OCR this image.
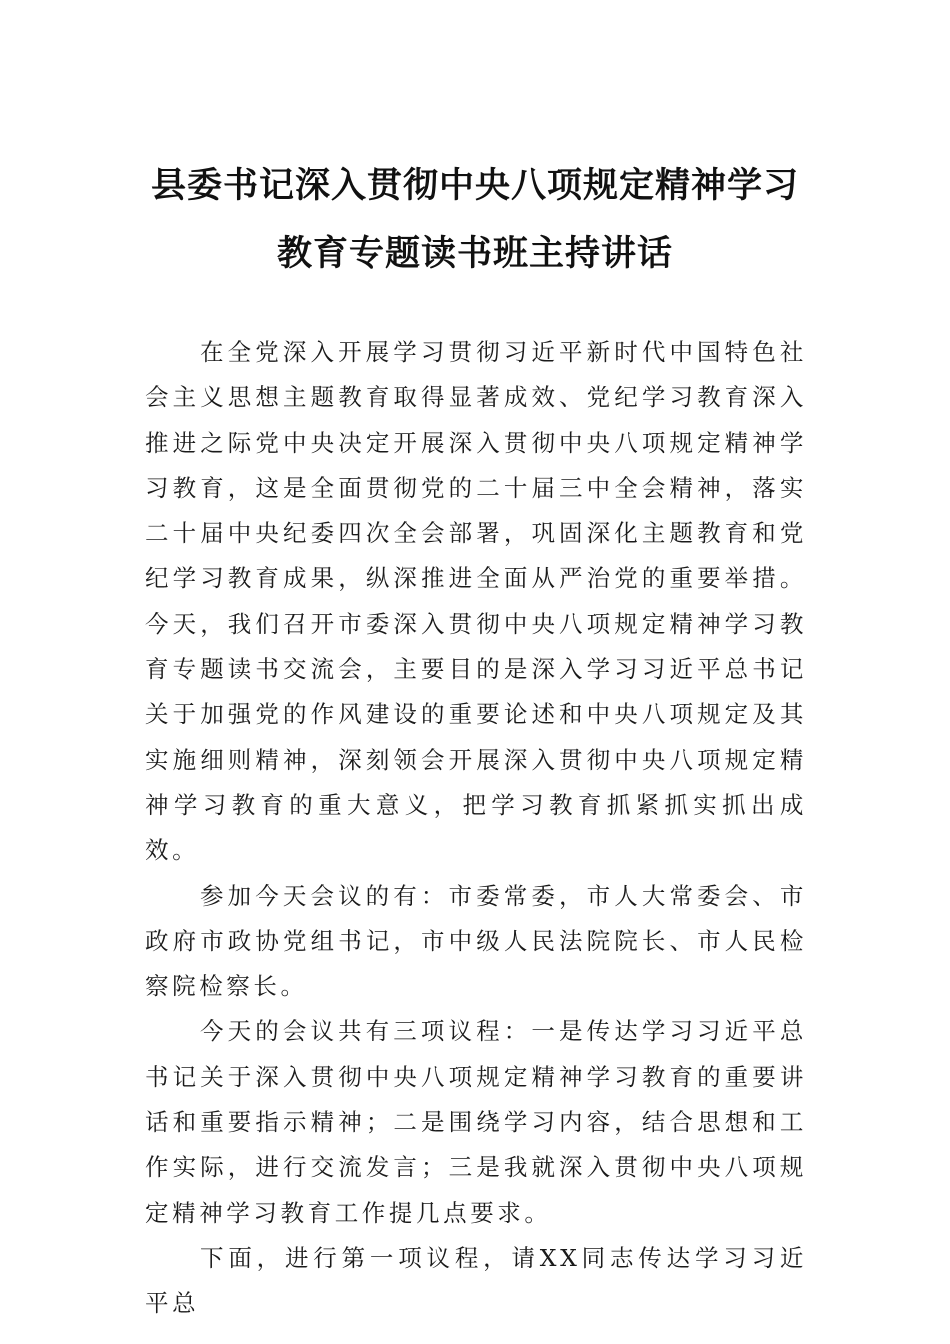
县委书记深入贯彻中央八项规定精神学习
教育专题读书班主持讲话

在全党深入开展学习贯彻习近平新时代中国特色社会主义思想主题教育取得显著成效、党纪学习教育深入推进之际党中央决定开展深入贯彻中央八项规定精神学习教育，这是全面贯彻党的二十届三中全会精神，落实二十届中央纪委四次全会部署，巩固深化主题教育和党纪学习教育成果，纵深推进全面从严治党的重要举措。今天，我们召开市委深入贯彻中央八项规定精神学习教育专题读书交流会，主要目的是深入学习习近平总书记关于加强党的作风建设的重要论述和中央八项规定及其实施细则精神，深刻领会开展深入贯彻中央八项规定精神学习教育的重大意义，把学习教育抓紧抓实抓出成效。

参加今天会议的有：市委常委，市人大常委会、市政府市政协党组书记，市中级人民法院院长、市人民检察院检察长。

今天的会议共有三项议程：一是传达学习习近平总书记关于深入贯彻中央八项规定精神学习教育的重要讲话和重要指示精神；二是围绕学习内容，结合思想和工作实际，进行交流发言；三是我就深入贯彻中央八项规定精神学习教育工作提几点要求。

下面，进行第一项议程，请XX同志传达学习习近平总
